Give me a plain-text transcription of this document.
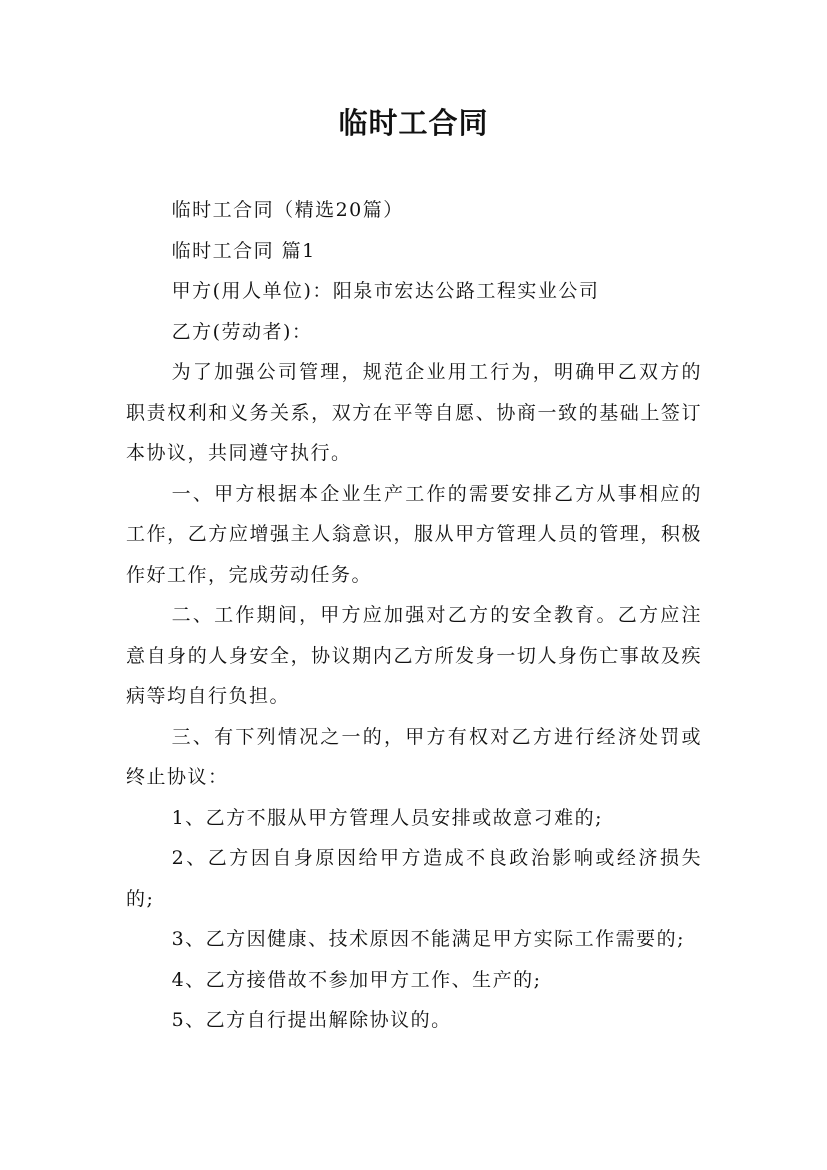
临时工合同

临时工合同（精选20篇）

临时工合同 篇1

甲方(用人单位)：阳泉市宏达公路工程实业公司

乙方(劳动者)：

为了加强公司管理，规范企业用工行为，明确甲乙双方的职责权利和义务关系，双方在平等自愿、协商一致的基础上签订本协议，共同遵守执行。

一、甲方根据本企业生产工作的需要安排乙方从事相应的工作，乙方应增强主人翁意识，服从甲方管理人员的管理，积极作好工作，完成劳动任务。

二、工作期间，甲方应加强对乙方的安全教育。乙方应注意自身的人身安全，协议期内乙方所发身一切人身伤亡事故及疾病等均自行负担。

三、有下列情况之一的，甲方有权对乙方进行经济处罚或终止协议：

1、乙方不服从甲方管理人员安排或故意刁难的;

2、乙方因自身原因给甲方造成不良政治影响或经济损失的;

3、乙方因健康、技术原因不能满足甲方实际工作需要的;

4、乙方接借故不参加甲方工作、生产的;

5、乙方自行提出解除协议的。
